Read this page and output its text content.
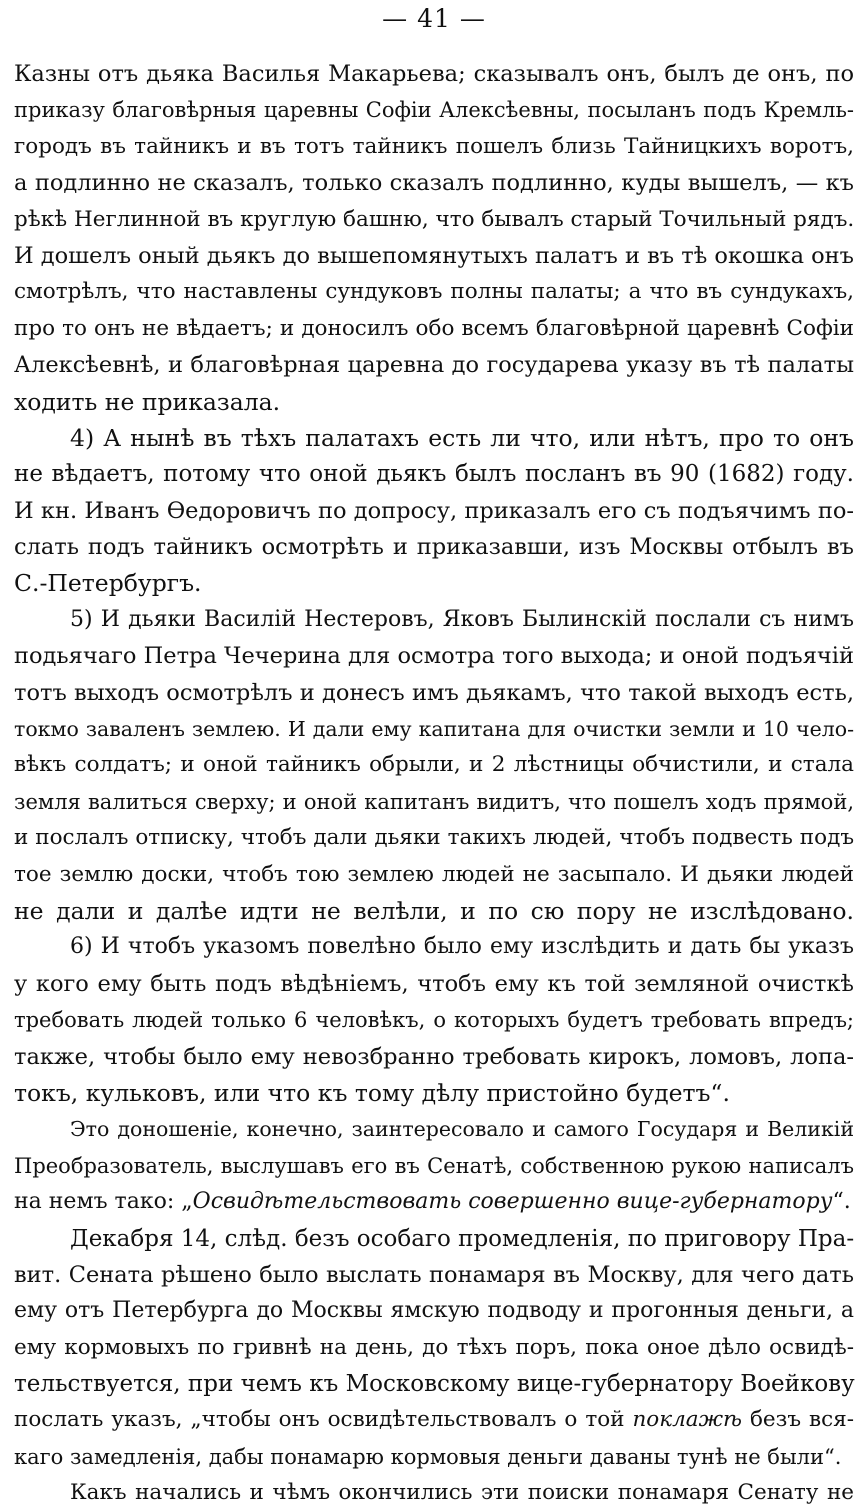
— 41 —
Казны отъ дьяка Василья Макарьева; сказывалъ онъ, былъ де онъ, по
приказу благовѣрныя царевны Софіи Алексѣевны, посыланъ подъ Кремль-
городъ въ тайникъ и въ тотъ тайникъ пошелъ близь Тайницкихъ воротъ,
а подлинно не сказалъ, только сказалъ подлинно, куды вышелъ, — къ
рѣкѣ Неглинной въ круглую башню, что бывалъ старый Точильный рядъ.
И дошелъ оный дьякъ до вышепомянутыхъ палатъ и въ тѣ окошка онъ
смотрѣлъ, что наставлены сундуковъ полны палаты; а что въ сундукахъ,
про то онъ не вѣдаетъ; и доносилъ обо всемъ благовѣрной царевнѣ Софіи
Алексѣевнѣ, и благовѣрная царевна до государева указу въ тѣ палаты
ходить не приказала.
4) А нынѣ въ тѣхъ палатахъ есть ли что, или нѣтъ, про то онъ
не вѣдаетъ, потому что оной дьякъ былъ посланъ въ 90 (1682) году.
И кн. Иванъ Ѳедоровичъ по допросу, приказалъ его съ подъячимъ по-
слать подъ тайникъ осмотрѣть и приказавши, изъ Москвы отбылъ въ
С.-Петербургъ.
5) И дьяки Василій Нестеровъ, Яковъ Былинскій послали съ нимъ
подьячаго Петра Чечерина для осмотра того выхода; и оной подъячій
тотъ выходъ осмотрѣлъ и донесъ имъ дьякамъ, что такой выходъ есть,
токмо заваленъ землею. И дали ему капитана для очистки земли и 10 чело-
вѣкъ солдатъ; и оной тайникъ обрыли, и 2 лѣстницы обчистили, и стала
земля валиться сверху; и оной капитанъ видитъ, что пошелъ ходъ прямой,
и послалъ отписку, чтобъ дали дьяки такихъ людей, чтобъ подвесть подъ
тое землю доски, чтобъ тою землею людей не засыпало. И дьяки людей
не дали и далѣе идти не велѣли, и по сю пору не изслѣдовано.
6) И чтобъ указомъ повелѣно было ему изслѣдить и дать бы указъ
у кого ему быть подъ вѣдѣніемъ, чтобъ ему къ той земляной очисткѣ
требовать людей только 6 человѣкъ, о которыхъ будетъ требовать впредъ;
также, чтобы было ему невозбранно требовать кирокъ, ломовъ, лопа-
токъ, кульковъ, или что къ тому дѣлу пристойно будетъ“.
Это доношеніе, конечно, заинтересовало и самого Государя и Великій
Преобразователь, выслушавъ его въ Сенатѣ, собственною рукою написалъ
на немъ тако: „Освидѣтельствовать совершенно вице-губернатору“.
Декабря 14, слѣд. безъ особаго промедленія, по приговору Пра-
вит. Сената рѣшено было выслать понамаря въ Москву, для чего дать
ему отъ Петербурга до Москвы ямскую подводу и прогонныя деньги, а
ему кормовыхъ по гривнѣ на день, до тѣхъ поръ, пока оное дѣло освидѣ-
тельствуется, при чемъ къ Московскому вице-губернатору Воейкову
послать указъ, „чтобы онъ освидѣтельствовалъ о той поклажѣ безъ вся-
каго замедленія, дабы понамарю кормовыя деньги даваны тунѣ не были“.
Какъ начались и чѣмъ окончились эти поиски понамаря Сенату не
